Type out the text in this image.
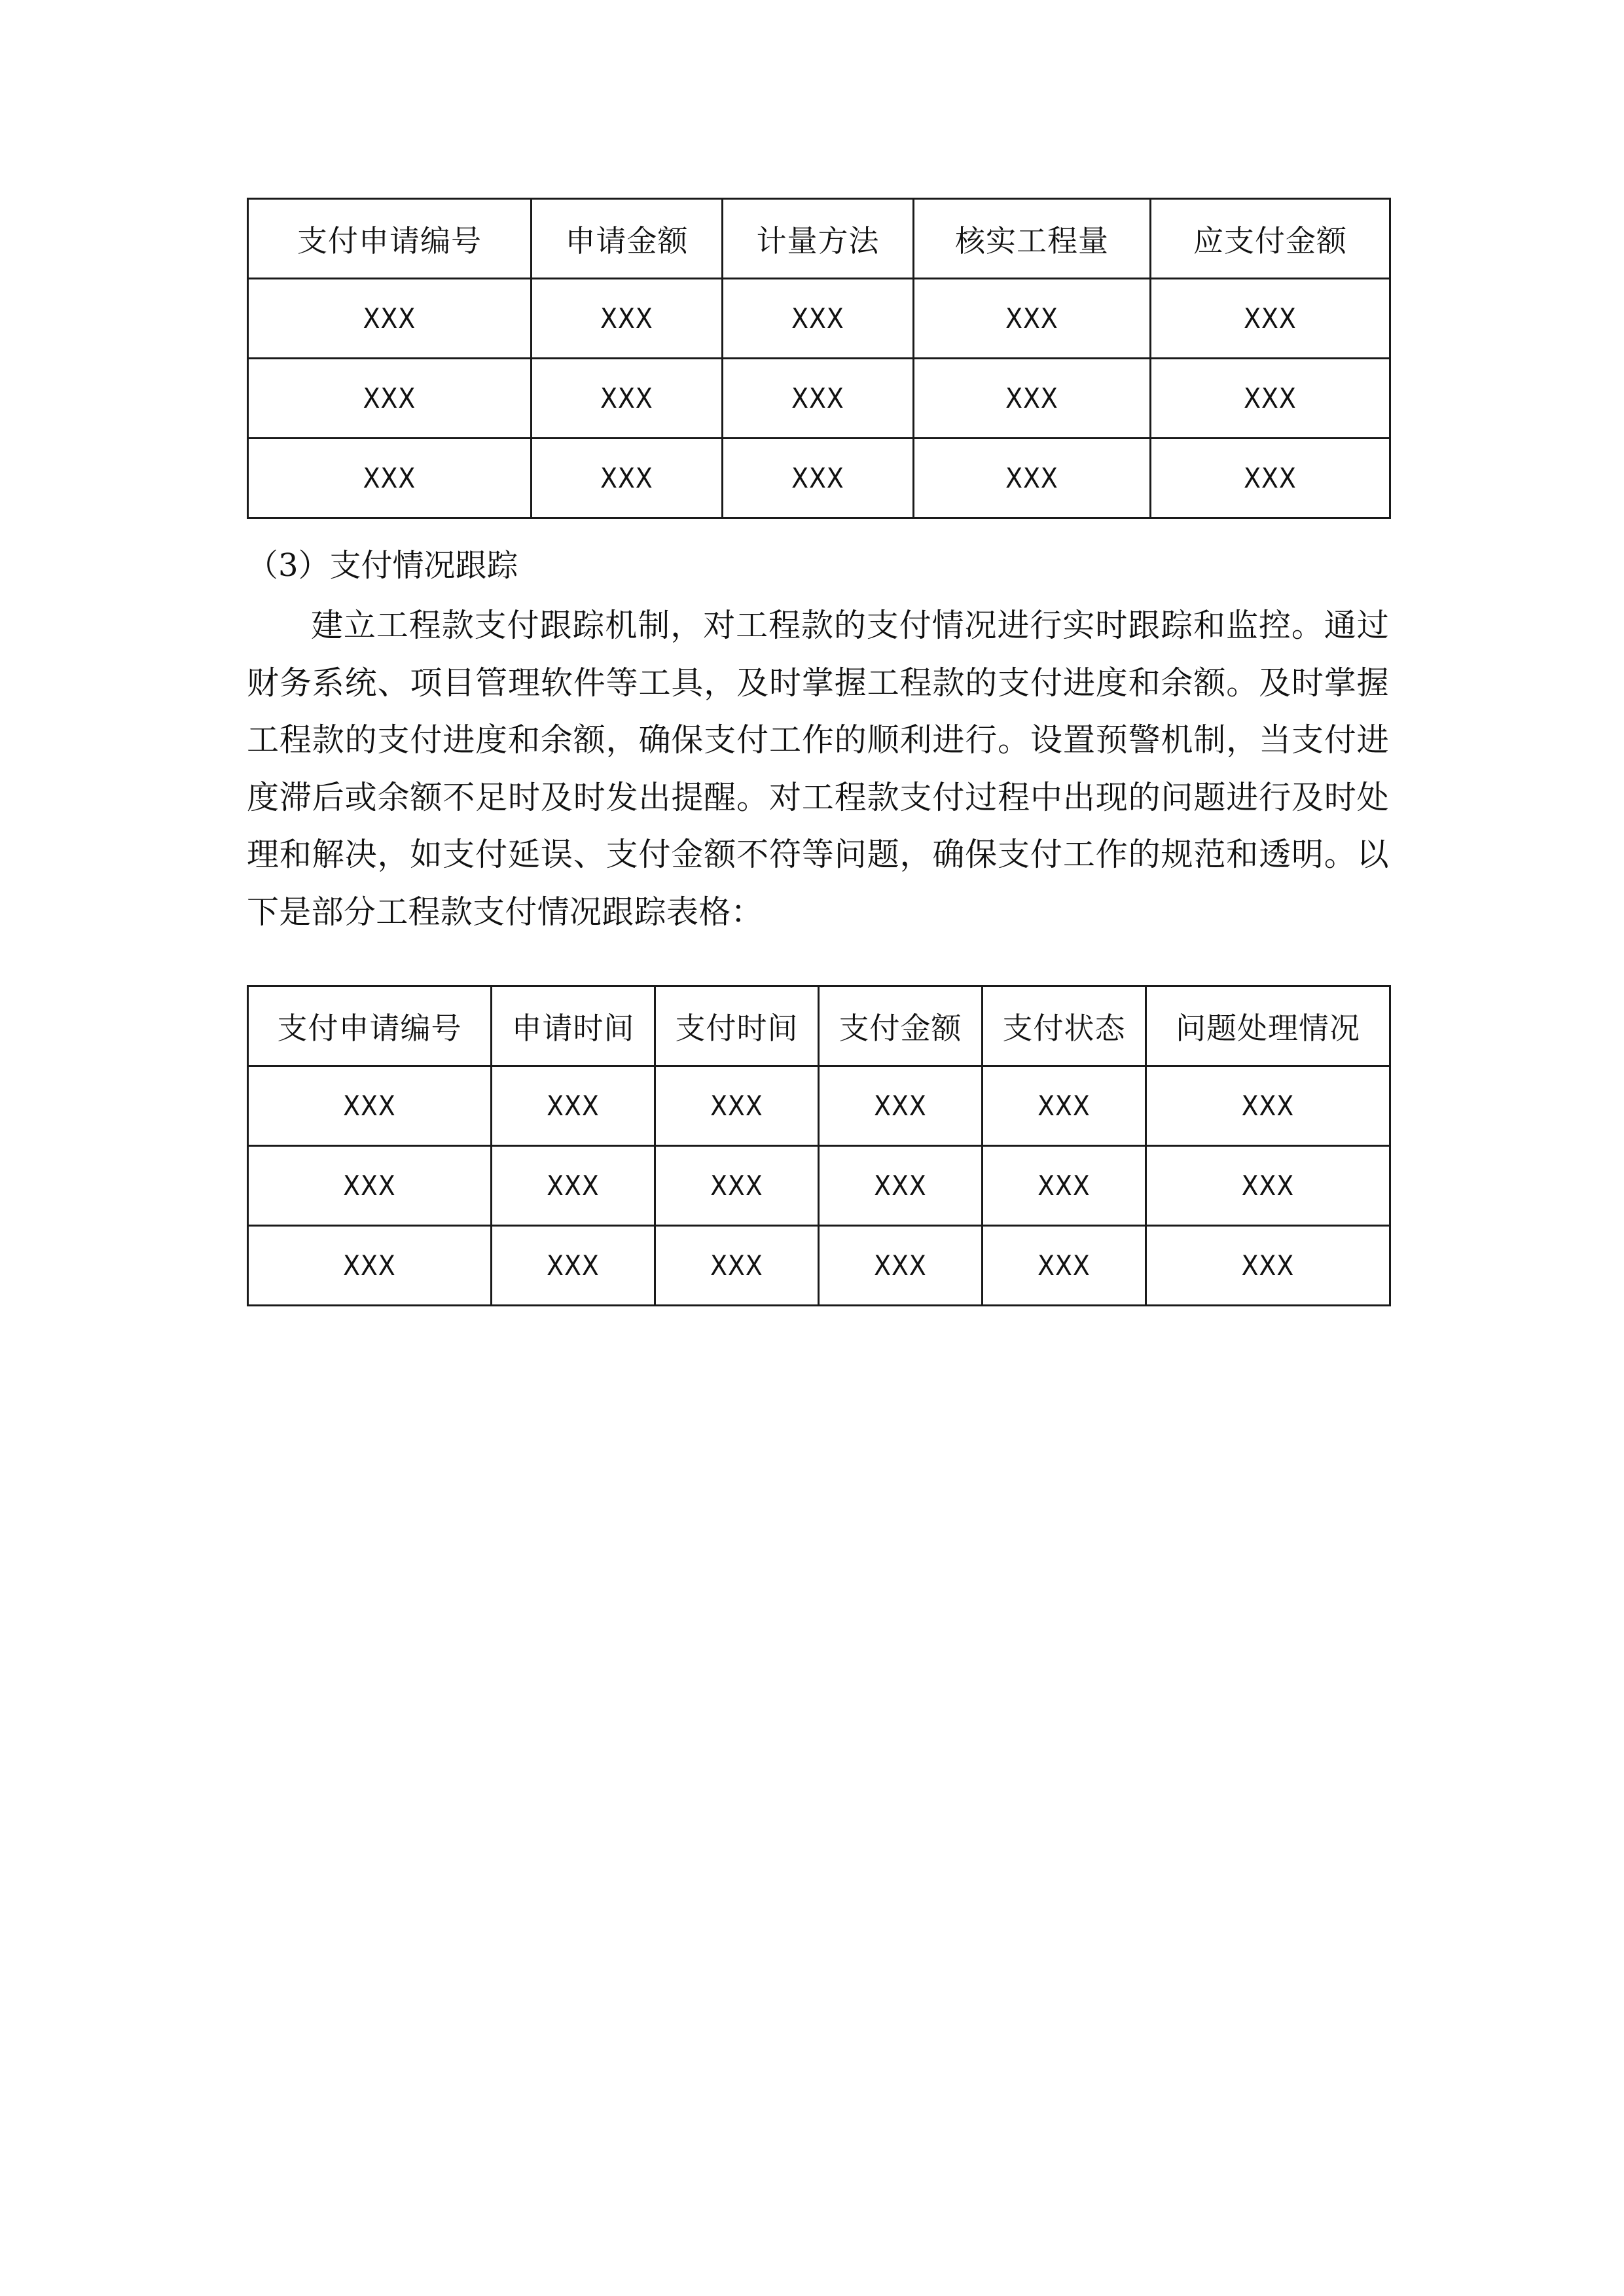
支付申请编号	申请金额	计量方法	核实工程量	应支付金额
XXX	XXX	XXX	XXX	XXX
XXX	XXX	XXX	XXX	XXX
XXX	XXX	XXX	XXX	XXX
（3）支付情况跟踪

建立工程款支付跟踪机制，对工程款的支付情况进行实时跟踪和监控。通过财务系统、项目管理软件等工具，及时掌握工程款的支付进度和余额。及时掌握工程款的支付进度和余额，确保支付工作的顺利进行。设置预警机制，当支付进度滞后或余额不足时及时发出提醒。对工程款支付过程中出现的问题进行及时处理和解决，如支付延误、支付金额不符等问题，确保支付工作的规范和透明。以下是部分工程款支付情况跟踪表格：

支付申请编号	申请时间	支付时间	支付金额	支付状态	问题处理情况
XXX	XXX	XXX	XXX	XXX	XXX
XXX	XXX	XXX	XXX	XXX	XXX
XXX	XXX	XXX	XXX	XXX	XXX
